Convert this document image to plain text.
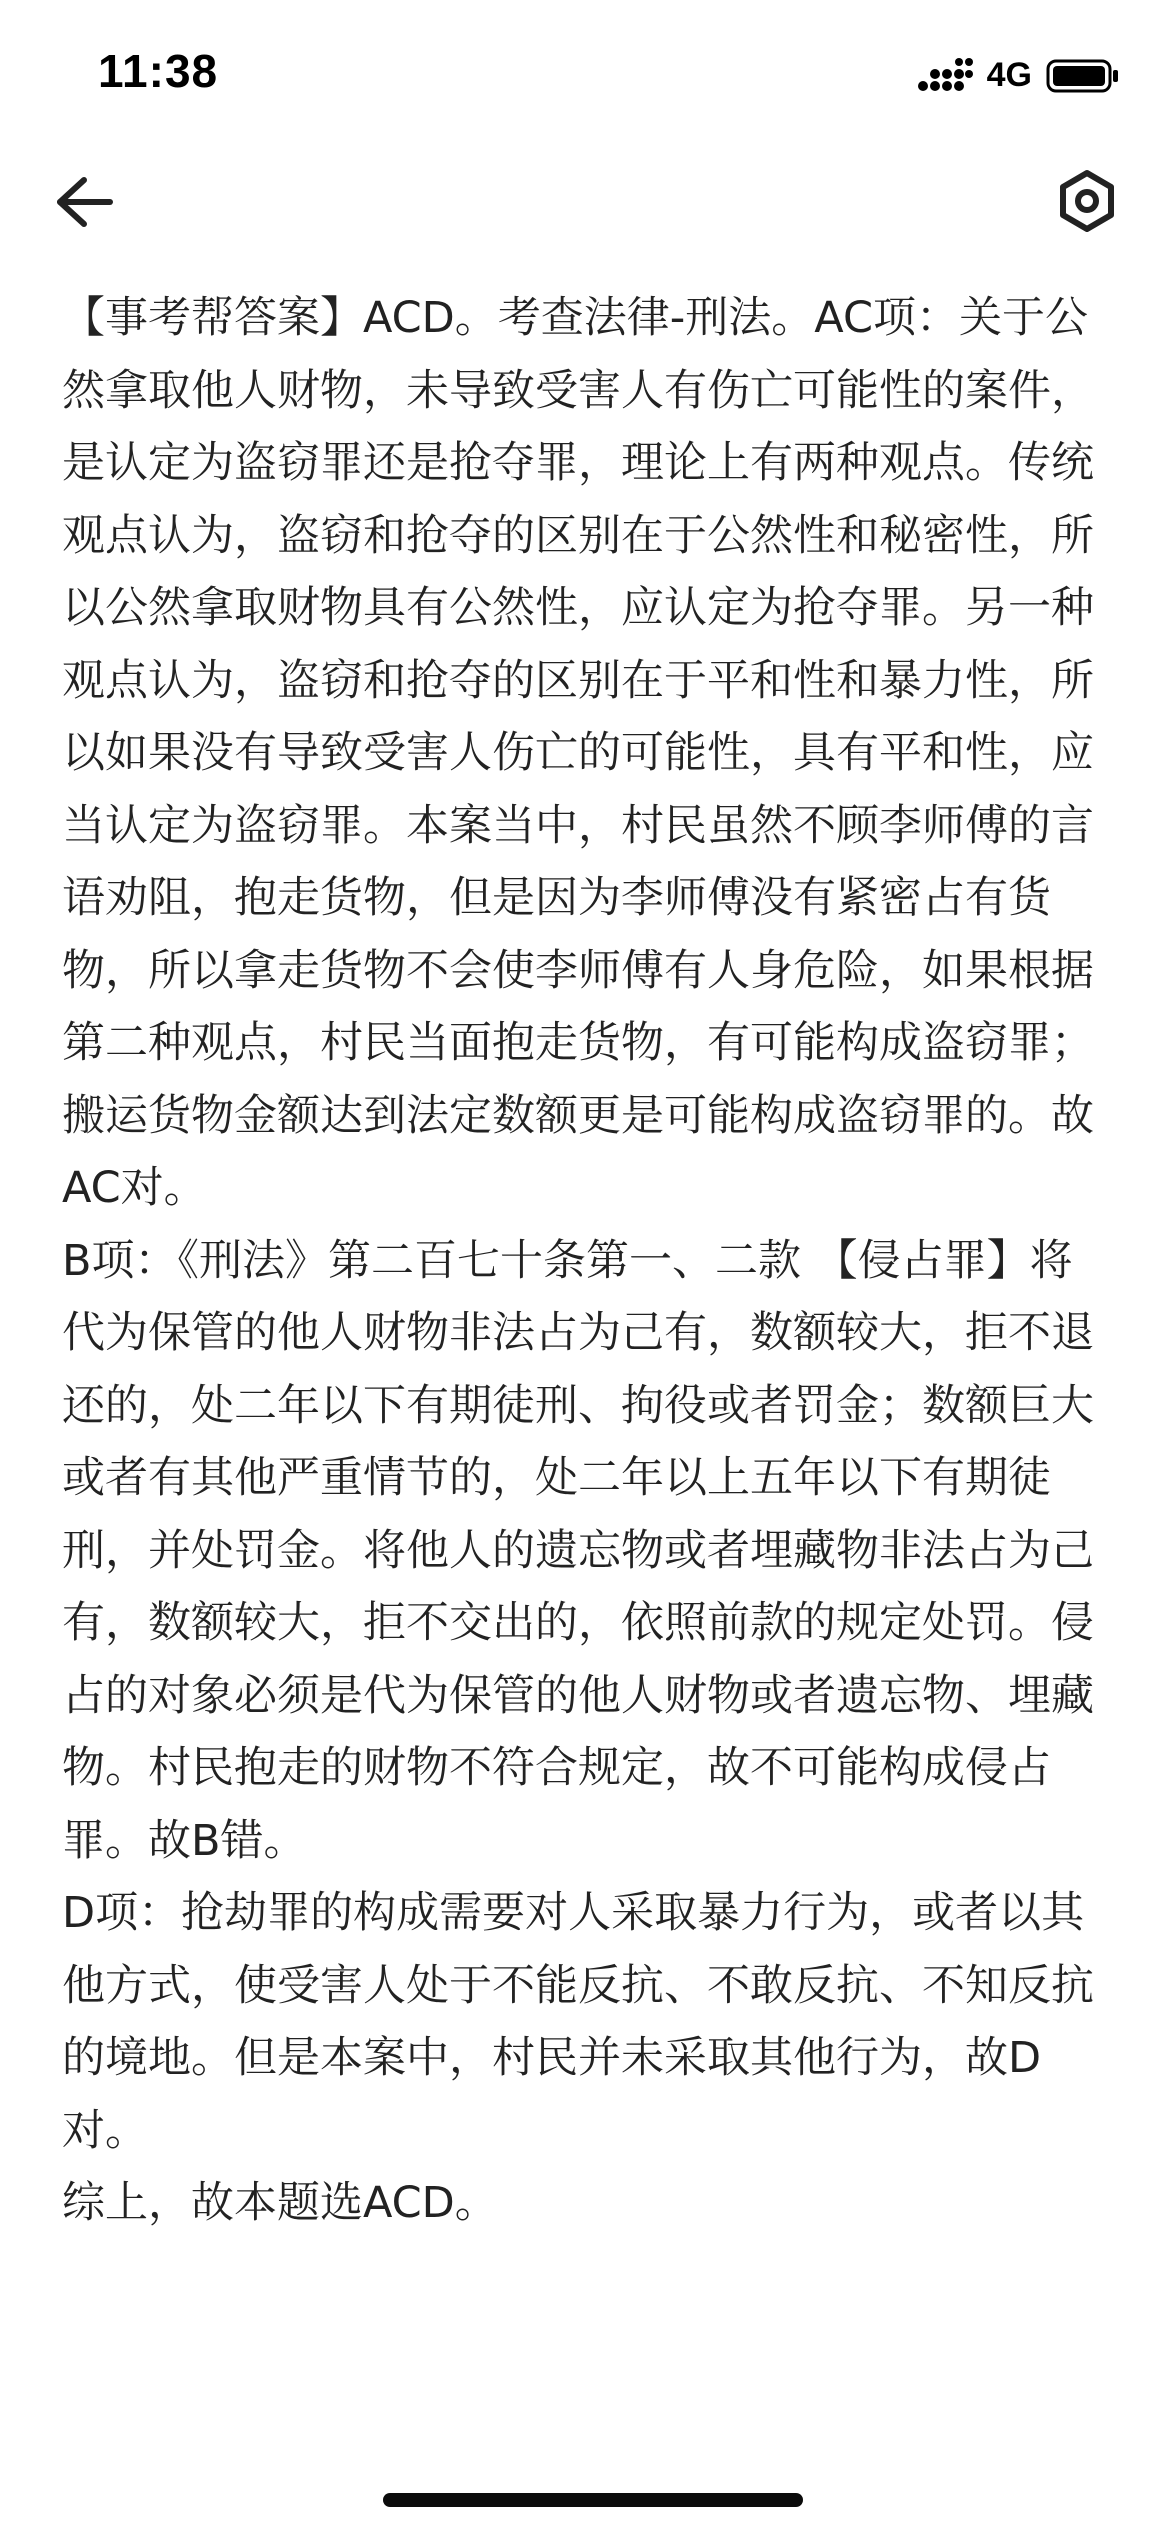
11:38	4G

【事考帮答案】ACD。考查法律-刑法。AC项：关于公然拿取他人财物，未导致受害人有伤亡可能性的案件，是认定为盗窃罪还是抢夺罪，理论上有两种观点。传统观点认为，盗窃和抢夺的区别在于公然性和秘密性，所以公然拿取财物具有公然性，应认定为抢夺罪。另一种观点认为，盗窃和抢夺的区别在于平和性和暴力性，所以如果没有导致受害人伤亡的可能性，具有平和性，应当认定为盗窃罪。本案当中，村民虽然不顾李师傅的言语劝阻，抱走货物，但是因为李师傅没有紧密占有货物，所以拿走货物不会使李师傅有人身危险，如果根据第二种观点，村民当面抱走货物，有可能构成盗窃罪；搬运货物金额达到法定数额更是可能构成盗窃罪的。故AC对。

B项：《刑法》第二百七十条第一、二款 【侵占罪】将代为保管的他人财物非法占为己有，数额较大，拒不退还的，处二年以下有期徒刑、拘役或者罚金；数额巨大或者有其他严重情节的，处二年以上五年以下有期徒刑，并处罚金。将他人的遗忘物或者埋藏物非法占为己有，数额较大，拒不交出的，依照前款的规定处罚。侵占的对象必须是代为保管的他人财物或者遗忘物、埋藏物。村民抱走的财物不符合规定，故不可能构成侵占罪。故B错。

D项：抢劫罪的构成需要对人采取暴力行为，或者以其他方式，使受害人处于不能反抗、不敢反抗、不知反抗的境地。但是本案中，村民并未采取其他行为，故D对。

综上，故本题选ACD。
